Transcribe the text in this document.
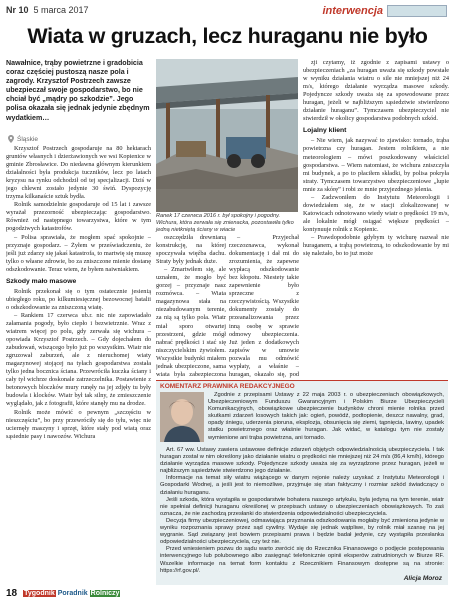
Nr 10 5 marca 2017	interwencja
Wiata w gruzach, lecz huraganu nie było
Nawałnice, trąby powietrzne i gradobicia coraz częściej pustoszą nasze pola i zagrody. Krzysztof Postrzech zawsze ubezpieczał swoje gospodarstwo, bo nie chciał być „mądry po szkodzie”. Jego polisa okazała się jednak jedynie zbędnym wydatkiem…
Śląskie

Krzysztof Postrzech gospodaruje na 80 hektarach gruntów własnych i dzierżawionych we wsi Kopienice w gminie Zbrosławice. Do niedawna głównym kierunkiem działalności była produkcja tuczników, lecz po latach kryzysu na rynku odchodził od tej specjalizacji. Dziś w jego chlewni zostało jedynie 30 świń. Dyspozycję trzyma kilkanaście sztuk bydła.

Rolnik samodzielnie gospodaruje od 15 lat i zawsze wyrażał przezorność ubezpieczając gospodarstwo. Również od następnego towarzystwa, które w tym pogodziwych katastrofów.

– Polisa sprawiała, że mogłem spać spokojnie – przyznaje gospodarz. – Żyłem w przeświadczeniu, że jeśli już zdarzy się jakaś katastrofa, to martwię się muszę tylko o własne zdrowie, bo za zniszczone mienie dostanę odszkodowanie. Teraz wiem, że byłem naiwniakiem.

Szkody mało masowe

Rolnik przekonał się o tym ostatecznie jesienią ubiegłego roku, po kilkumiesięcznej bezowocnej batalii o odszkodowanie za zniszczoną wiatę.

– Rankiem 17 czerwca ub.r. nic nie zapowiadało załamania pogody, było ciepło i bezwietrznie. Wraz z wiatrem więcej po polu, gdy zerwała się wichura – opowiada Krzysztof Postrzech. – Gdy dojechałem do zabudowań, wiszącego było już po wszystkim. Wiatr nie zgruzował zaburzeń, ale z nieruchomej wiaty magazynowej stojącej na tyłach gospodarstwa została tylko jedna bocznica ściana. Przewróciła kuczka ściany i cały tył wichrze doskonale zatrzeczelnika. Postawienie z betonowych bloczków mury runęły na jej zdjęły tu były budowla i klocków. Wiatr był tak silny, że zmieszczenie wyglądało, jak z fotografii, które stanęły mu na drodze.

Rolnik może mówić o pewnym „szczęściu w nieszczęściu”, bo przy przewróciły się do tyłu, więc nie uciernęły maszyny i sprzęt, które stały pod wiatą oraz sąsiednie pasy i nawozów. Wichura

Ranek 17 czerwca 2016 r. był spokojny i pogodny. Wichura, która zerwała się znienacka, pozostawiła tylko jedną nietkniętą ściany w wiacie

oszczędziła drewnianą konstrukcję, na której spoczywała więźba dachu. Straty były jednak duże.

– Zmartwiłem się, ale uznałem, że mogło być gorzej – przyznaje nasz rozmówca. – Wiata magazynowa stała na niezabudowanym terenie, za nią są tylko pola. Wiatr miał sporo otwartej przestrzeni, gdzie mógł nabrać prędkości i stać się niszczycielskim żywiołem. Wszystkie budynki miałem jednak ubezpieczone, sama wiata była zabezpieczona

– Przyjechał rzeczoznawca, wykonał dokumentację i dał mi do zrozumienia, że zapewne wypłacą odszkodowanie bez kłopotu. Niestety takie zapewnienie było sprzeczne z rzeczywistością. Wszystkie dokumenty zostały do przeanalizowania przez inną osobę w sprawie odmowy ubezpieczenia. Już jeden z dodatkowych zapisów w umowie pozwala mu odmówić wypłaty, a właśnie – huragan, okazało się, pod

zji czytamy, iż zgodnie z zapisami ustawy o ubezpieczeniach „za huragan uważa się szkody powstałe w wyniku działania wiatru o sile nie mniejszej niż 24 m/s, którego działanie wyrządza masowe szkody. Pojedyncze szkody uważa się za spowodowane przez huragan, jeżeli w najbliższym sąsiedztwie stwierdzono działanie huraganu”. Tymczasem ubezpieczyciel nie stwierdził w okolicy gospodarstwa podobnych szkód.

Lojalny klient

– Nie wiem, jak nazywać to zjawisko: tornado, trąba powietrzna czy huragan. Jestem rolnikiem, a nie meteorologiem – mówi poszkodowany właściciel gospodarstwa. – Wiem natomiast, że wichura zniszczyła mi budynek, a po to płaciłem składki, by polisa pokryła straty. Tymczasem towarzystwo ubezpieczeniowe „lupie mnie za skórę” i robi ze mnie przyjezdnego jelenia.

– Zadzwoniłem do Instytutu Meteorologii i dowiedziałem się, że w stacji zlokalizowanej w Katowicach odnotowano wiedy wiatr o prędkości 19 m/s, ale lokalnie mógł osiągać większe prędkości – kontynuuje rolnik z Kopienic.

– Prawdopodobnie gdybym ty wichurę nazwał nie huraganem, a trąbą powietrzną, to odszkodowanie by mi się należało, bo to już może

KOMENTARZ PRAWNIKA REDAKCYJNEGO

Zgodnie z przepisami Ustawy z 22 maja 2003 r. o ubezpieczeniach obowiązkowych, Ubezpieczeniowym Funduszu Gwarancyjnym i Polskim Biurze Ubezpieczycieli Komunikacyjnych, obowiązkowe ubezpieczenie budynków chroni mienie rolnika przed skutkami zdarzeń losowych takich jak: ogień, powódź, podtopienie, deszcz nawalny, grad, opady śniegu, uderzenia pioruna, eksplozja, obsunięcia się ziemi, tąpnięcia, lawiny, upadek statku powietrznego oraz właśnie huragan. Jak widać, w katalogu tym nie zostały wymienione ani trąba powietrzna, ani tornado.

Art. 67 ww. Ustawy zawiera ustawowe definicje zdarzeń objętych odpowiedzialnością ubezpieczyciela. I tak huragan został w nim określony jako działanie wiatru o prędkości nie mniejszej niż 24 m/s (86,4 km/h), którego działanie wyrządza masowe szkody. Pojedyncze szkody uważa się za wyrządzone przez huragan, jeżeli w najbliższym sąsiedztwie stwierdzono jego działanie.

Informacje na temat siły wiatru wiążącego w danym rejonie należy uzyskać z Instytutu Meteorologii i Gospodarki Wodnej, a jeśli jest to niemożliwe, przyjmuje się stan faktyczny i rozmiar szkód świadczący o działaniu huraganu.

Jeśli szkoda, która wystąpiła w gospodarstwie bohatera naszego artykułu, była jedyną na tym terenie, wiatr nie spełniał definicji huraganu określonej w przepisach ustawy o ubezpieczeniach obowiązkowych. To zaś oznacza, że nie zachodzą przesłanki do stwierdzenia odpowiedzialności ubezpieczyciela.

Decyzja firmy ubezpieczeniowej, odmawiająca przyznania odszkodowania mogłaby być zmieniona jedynie w wyniku rozpoznania sprawy przez sąd cywilny. Wydaje się jednak wątpliwe, by rolnik miał szansę na jej wygranie. Sąd związany jest bowiem przepisami prawa i będzie badał jedynie, czy wystąpiła przesłanka odpowiedzialności ubezpieczyciela, czy też nie.

Przed wniesieniem pozwu do sądu warto zwrócić się do Rzecznika Finansowego o podjęcie postępowania interwencyjnego lub polubownego albo zasięgnąć telefonicznie opinii eksperów zatrudnionych w Biurze RF. Wszelkie informacje na temat form kontaktu z Rzecznikiem Finansowym dostępne są na stronie: https://rf.gov.pl/.

Alicja Moroz
18 Tygodnik Poradnik Rolniczy
